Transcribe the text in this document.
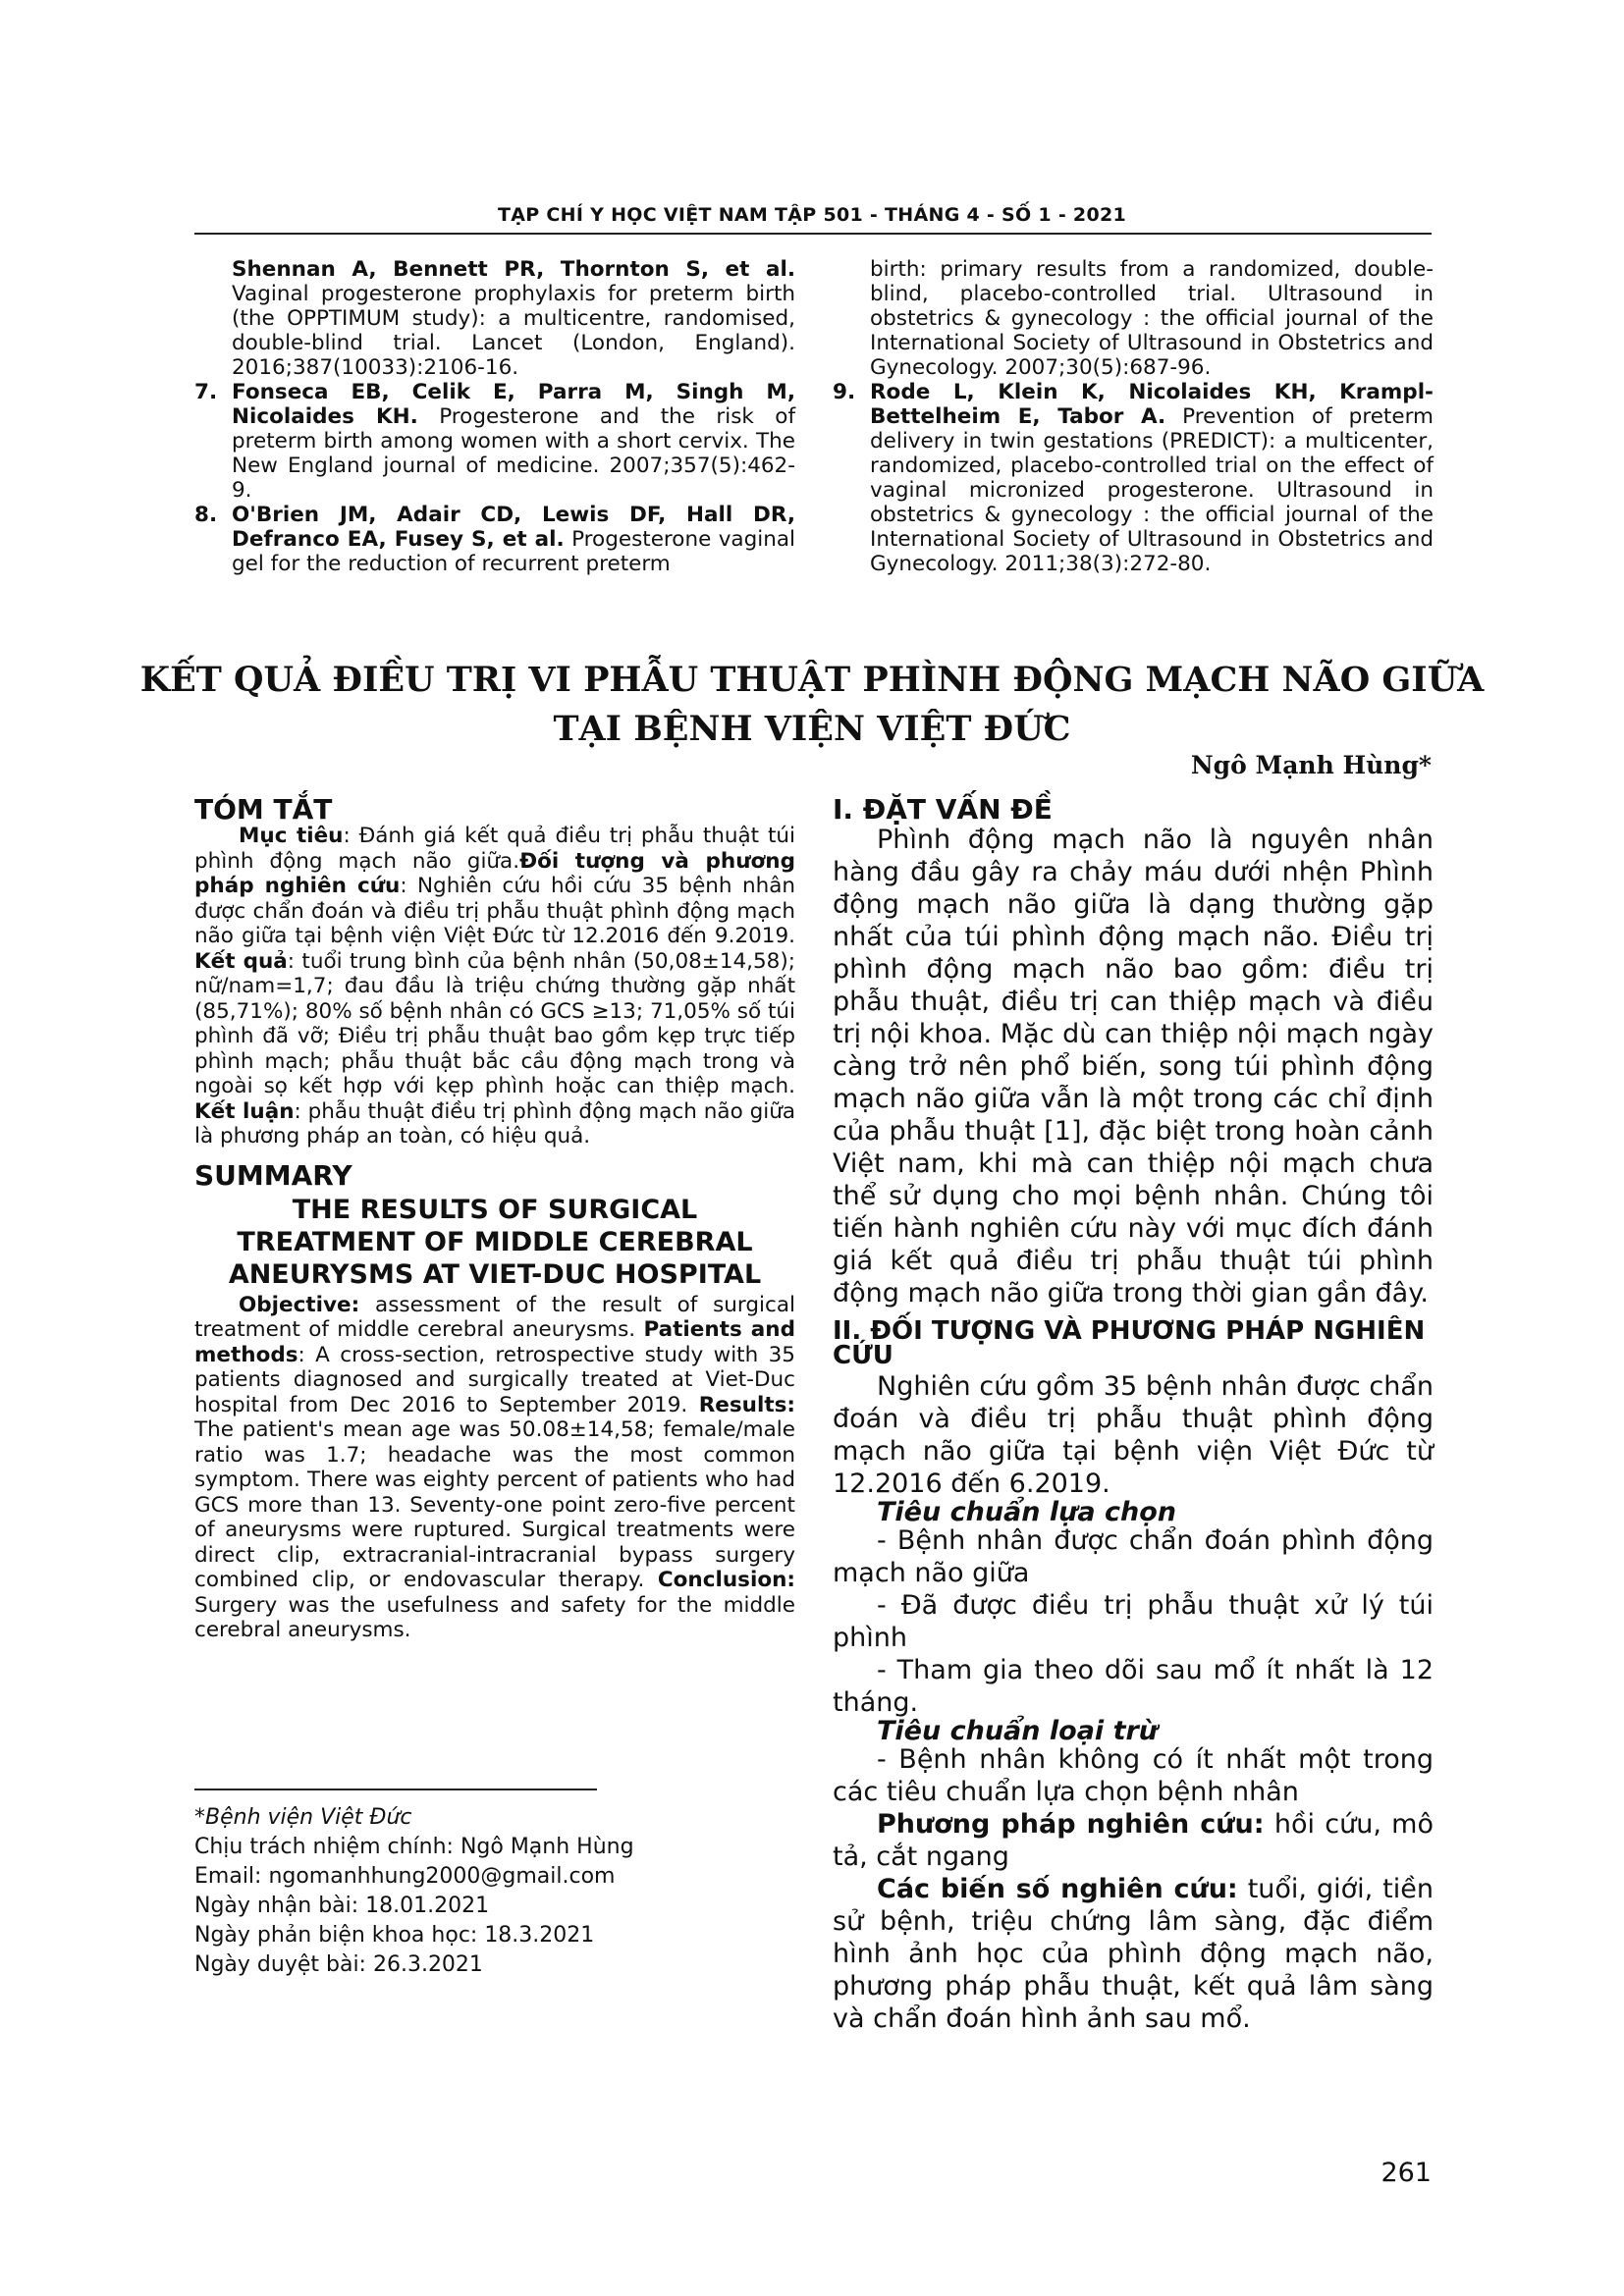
TẠP CHÍ Y HỌC VIỆT NAM TẬP 501 - THÁNG 4 - SỐ 1 - 2021

Shennan A, Bennett PR, Thornton S, et al. Vaginal progesterone prophylaxis for preterm birth (the OPPTIMUM study): a multicentre, randomised, double-blind trial. Lancet (London, England). 2016;387(10033):2106-16.

7. Fonseca EB, Celik E, Parra M, Singh M, Nicolaides KH. Progesterone and the risk of preterm birth among women with a short cervix. The New England journal of medicine. 2007;357(5):462-9.

8. O'Brien JM, Adair CD, Lewis DF, Hall DR, Defranco EA, Fusey S, et al. Progesterone vaginal gel for the reduction of recurrent preterm

birth: primary results from a randomized, double-blind, placebo-controlled trial. Ultrasound in obstetrics & gynecology : the official journal of the International Society of Ultrasound in Obstetrics and Gynecology. 2007;30(5):687-96.

9. Rode L, Klein K, Nicolaides KH, Krampl-Bettelheim E, Tabor A. Prevention of preterm delivery in twin gestations (PREDICT): a multicenter, randomized, placebo-controlled trial on the effect of vaginal micronized progesterone. Ultrasound in obstetrics & gynecology : the official journal of the International Society of Ultrasound in Obstetrics and Gynecology. 2011;38(3):272-80.

KẾT QUẢ ĐIỀU TRỊ VI PHẪU THUẬT PHÌNH ĐỘNG MẠCH NÃO GIỮA
TẠI BỆNH VIỆN VIỆT ĐỨC
Ngô Mạnh Hùng*

TÓM TẮT

Mục tiêu: Đánh giá kết quả điều trị phẫu thuật túi phình động mạch não giữa.Đối tượng và phương pháp nghiên cứu: Nghiên cứu hồi cứu 35 bệnh nhân được chẩn đoán và điều trị phẫu thuật phình động mạch não giữa tại bệnh viện Việt Đức từ 12.2016 đến 9.2019. Kết quả: tuổi trung bình của bệnh nhân (50,08±14,58); nữ/nam=1,7; đau đầu là triệu chứng thường gặp nhất (85,71%); 80% số bệnh nhân có GCS ≥13; 71,05% số túi phình đã vỡ; Điều trị phẫu thuật bao gồm kẹp trực tiếp phình mạch; phẫu thuật bắc cầu động mạch trong và ngoài sọ kết hợp với kẹp phình hoặc can thiệp mạch. Kết luận: phẫu thuật điều trị phình động mạch não giữa là phương pháp an toàn, có hiệu quả.

SUMMARY

THE RESULTS OF SURGICAL TREATMENT OF MIDDLE CEREBRAL ANEURYSMS AT VIET-DUC HOSPITAL

Objective: assessment of the result of surgical treatment of middle cerebral aneurysms. Patients and methods: A cross-section, retrospective study with 35 patients diagnosed and surgically treated at Viet-Duc hospital from Dec 2016 to September 2019. Results: The patient's mean age was 50.08±14,58; female/male ratio was 1.7; headache was the most common symptom. There was eighty percent of patients who had GCS more than 13. Seventy-one point zero-five percent of aneurysms were ruptured. Surgical treatments were direct clip, extracranial-intracranial bypass surgery combined clip, or endovascular therapy. Conclusion: Surgery was the usefulness and safety for the middle cerebral aneurysms.

*Bệnh viện Việt Đức
Chịu trách nhiệm chính: Ngô Mạnh Hùng
Email: ngomanhhung2000@gmail.com
Ngày nhận bài: 18.01.2021
Ngày phản biện khoa học: 18.3.2021
Ngày duyệt bài: 26.3.2021

I. ĐẶT VẤN ĐỀ

Phình động mạch não là nguyên nhân hàng đầu gây ra chảy máu dưới nhện Phình động mạch não giữa là dạng thường gặp nhất của túi phình động mạch não. Điều trị phình động mạch não bao gồm: điều trị phẫu thuật, điều trị can thiệp mạch và điều trị nội khoa. Mặc dù can thiệp nội mạch ngày càng trở nên phổ biến, song túi phình động mạch não giữa vẫn là một trong các chỉ định của phẫu thuật [1], đặc biệt trong hoàn cảnh Việt nam, khi mà can thiệp nội mạch chưa thể sử dụng cho mọi bệnh nhân. Chúng tôi tiến hành nghiên cứu này với mục đích đánh giá kết quả điều trị phẫu thuật túi phình động mạch não giữa trong thời gian gần đây.

II. ĐỐI TƯỢNG VÀ PHƯƠNG PHÁP NGHIÊN CỨU

Nghiên cứu gồm 35 bệnh nhân được chẩn đoán và điều trị phẫu thuật phình động mạch não giữa tại bệnh viện Việt Đức từ 12.2016 đến 6.2019.

Tiêu chuẩn lựa chọn

- Bệnh nhân được chẩn đoán phình động mạch não giữa

- Đã được điều trị phẫu thuật xử lý túi phình

- Tham gia theo dõi sau mổ ít nhất là 12 tháng.

Tiêu chuẩn loại trừ

- Bệnh nhân không có ít nhất một trong các tiêu chuẩn lựa chọn bệnh nhân

Phương pháp nghiên cứu: hồi cứu, mô tả, cắt ngang

Các biến số nghiên cứu: tuổi, giới, tiền sử bệnh, triệu chứng lâm sàng, đặc điểm hình ảnh học của phình động mạch não, phương pháp phẫu thuật, kết quả lâm sàng và chẩn đoán hình ảnh sau mổ.

261
